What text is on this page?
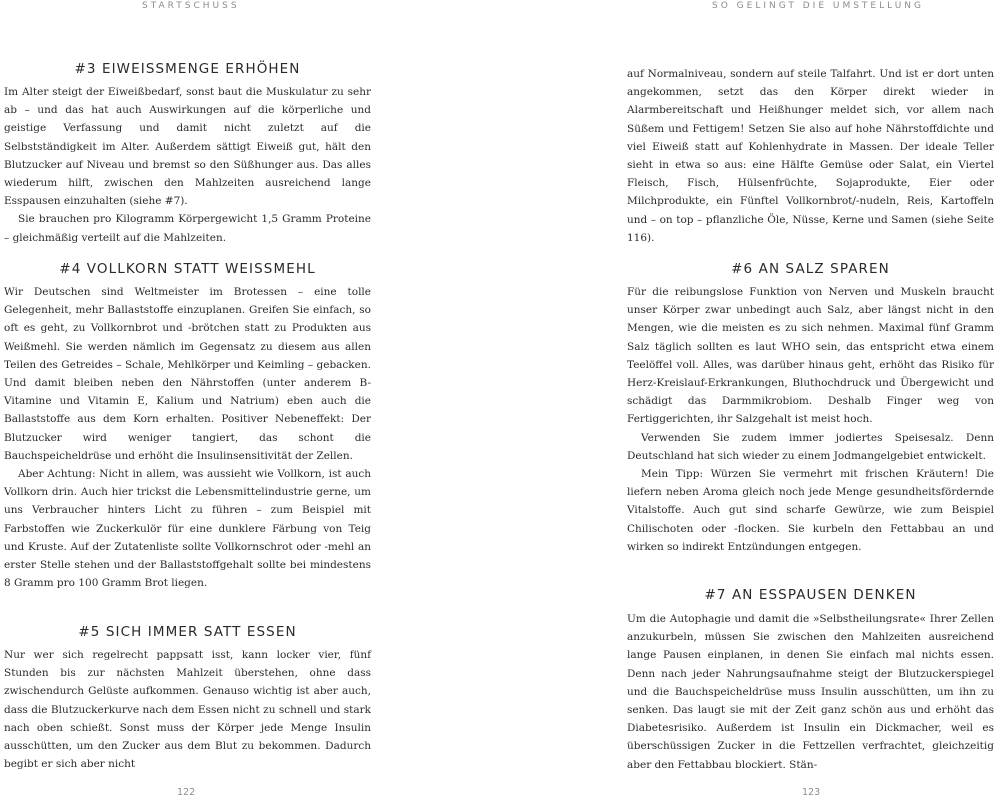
STARTSCHUSS	SO GELINGT DIE UMSTELLUNG
#3 EIWEISSMENGE ERHÖHEN

Im Alter steigt der Eiweißbedarf, sonst baut die Muskulatur zu sehr ab – und das hat auch Auswirkungen auf die körperliche und geistige Verfassung und damit nicht zuletzt auf die Selbstständigkeit im Alter. Außerdem sättigt Eiweiß gut, hält den Blutzucker auf Niveau und bremst so den Süßhunger aus. Das alles wiederum hilft, zwischen den Mahlzeiten ausreichend lange Esspausen einzuhalten (siehe #7).

Sie brauchen pro Kilogramm Körpergewicht 1,5 Gramm Proteine – gleichmäßig verteilt auf die Mahlzeiten.

#4 VOLLKORN STATT WEISSMEHL

Wir Deutschen sind Weltmeister im Brotessen – eine tolle Gelegenheit, mehr Ballaststoffe einzuplanen. Greifen Sie einfach, so oft es geht, zu Vollkornbrot und -brötchen statt zu Produkten aus Weißmehl. Sie werden nämlich im Gegensatz zu diesem aus allen Teilen des Getreides – Schale, Mehlkörper und Keimling – gebacken. Und damit bleiben neben den Nährstoffen (unter anderem B-Vitamine und Vitamin E, Kalium und Natrium) eben auch die Ballaststoffe aus dem Korn erhalten. Positiver Nebeneffekt: Der Blutzucker wird weniger tangiert, das schont die Bauchspeicheldrüse und erhöht die Insulinsensitivität der Zellen.

Aber Achtung: Nicht in allem, was aussieht wie Vollkorn, ist auch Vollkorn drin. Auch hier trickst die Lebensmittelindustrie gerne, um uns Verbraucher hinters Licht zu führen – zum Beispiel mit Farbstoffen wie Zuckerkulör für eine dunklere Färbung von Teig und Kruste. Auf der Zutatenliste sollte Vollkornschrot oder -mehl an erster Stelle stehen und der Ballaststoffgehalt sollte bei mindestens 8 Gramm pro 100 Gramm Brot liegen.

#5 SICH IMMER SATT ESSEN

Nur wer sich regelrecht pappsatt isst, kann locker vier, fünf Stunden bis zur nächsten Mahlzeit überstehen, ohne dass zwischendurch Gelüste aufkommen. Genauso wichtig ist aber auch, dass die Blutzuckerkurve nach dem Essen nicht zu schnell und stark nach oben schießt. Sonst muss der Körper jede Menge Insulin ausschütten, um den Zucker aus dem Blut zu bekommen. Dadurch begibt er sich aber nicht

auf Normalniveau, sondern auf steile Talfahrt. Und ist er dort unten angekommen, setzt das den Körper direkt wieder in Alarmbereitschaft und Heißhunger meldet sich, vor allem nach Süßem und Fettigem! Setzen Sie also auf hohe Nährstoffdichte und viel Eiweiß statt auf Kohlenhydrate in Massen. Der ideale Teller sieht in etwa so aus: eine Hälfte Gemüse oder Salat, ein Viertel Fleisch, Fisch, Hülsenfrüchte, Sojaprodukte, Eier oder Milchprodukte, ein Fünftel Vollkornbrot/-nudeln, Reis, Kartoffeln und – on top – pflanzliche Öle, Nüsse, Kerne und Samen (siehe Seite 116).

#6 AN SALZ SPAREN

Für die reibungslose Funktion von Nerven und Muskeln braucht unser Körper zwar unbedingt auch Salz, aber längst nicht in den Mengen, wie die meisten es zu sich nehmen. Maximal fünf Gramm Salz täglich sollten es laut WHO sein, das entspricht etwa einem Teelöffel voll. Alles, was darüber hinaus geht, erhöht das Risiko für Herz-Kreislauf-Erkrankungen, Bluthochdruck und Übergewicht und schädigt das Darmmikrobiom. Deshalb Finger weg von Fertiggerichten, ihr Salzgehalt ist meist hoch.

Verwenden Sie zudem immer jodiertes Speisesalz. Denn Deutschland hat sich wieder zu einem Jodmangelgebiet entwickelt.

Mein Tipp: Würzen Sie vermehrt mit frischen Kräutern! Die liefern neben Aroma gleich noch jede Menge gesundheitsfördernde Vitalstoffe. Auch gut sind scharfe Gewürze, wie zum Beispiel Chilischoten oder -flocken. Sie kurbeln den Fettabbau an und wirken so indirekt Entzündungen entgegen.

#7 AN ESSPAUSEN DENKEN

Um die Autophagie und damit die »Selbstheilungsrate« Ihrer Zellen anzukurbeln, müssen Sie zwischen den Mahlzeiten ausreichend lange Pausen einplanen, in denen Sie einfach mal nichts essen. Denn nach jeder Nahrungsaufnahme steigt der Blutzuckerspiegel und die Bauchspeicheldrüse muss Insulin ausschütten, um ihn zu senken. Das laugt sie mit der Zeit ganz schön aus und erhöht das Diabetesrisiko. Außerdem ist Insulin ein Dickmacher, weil es überschüssigen Zucker in die Fettzellen verfrachtet, gleichzeitig aber den Fettabbau blockiert. Stän-

122	123
